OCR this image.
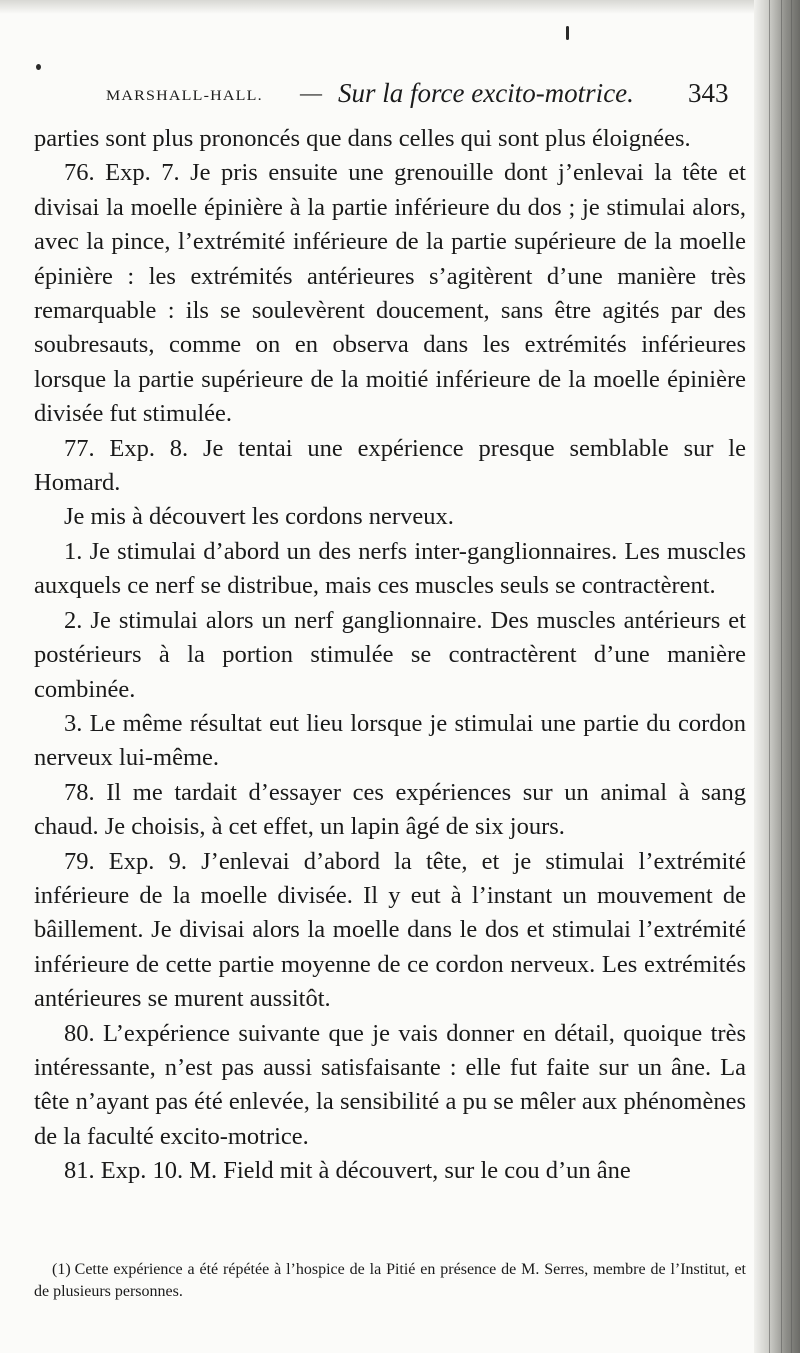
MARSHALL-HALL. — Sur la force excito-motrice. 343

parties sont plus prononcés que dans celles qui sont plus éloignées.

76. Exp. 7. Je pris ensuite une grenouille dont j’enlevai la tête et divisai la moelle épinière à la partie inférieure du dos ; je stimulai alors, avec la pince, l’extrémité inférieure de la partie supérieure de la moelle épinière : les extrémités antérieures s’agitèrent d’une manière très remarquable : ils se soulevèrent doucement, sans être agités par des soubresauts, comme on en observa dans les extrémités inférieures lorsque la partie supérieure de la moitié inférieure de la moelle épinière divisée fut stimulée.

77. Exp. 8. Je tentai une expérience presque semblable sur le Homard.

Je mis à découvert les cordons nerveux.

1. Je stimulai d’abord un des nerfs inter-ganglionnaires. Les muscles auxquels ce nerf se distribue, mais ces muscles seuls se contractèrent.

2. Je stimulai alors un nerf ganglionnaire. Des muscles antérieurs et postérieurs à la portion stimulée se contractèrent d’une manière combinée.

3. Le même résultat eut lieu lorsque je stimulai une partie du cordon nerveux lui-même.

78. Il me tardait d’essayer ces expériences sur un animal à sang chaud. Je choisis, à cet effet, un lapin âgé de six jours.

79. Exp. 9. J’enlevai d’abord la tête, et je stimulai l’extrémité inférieure de la moelle divisée. Il y eut à l’instant un mouvement de bâillement. Je divisai alors la moelle dans le dos et stimulai l’extrémité inférieure de cette partie moyenne de ce cordon nerveux. Les extrémités antérieures se murent aussitôt.

80. L’expérience suivante que je vais donner en détail, quoique très intéressante, n’est pas aussi satisfaisante : elle fut faite sur un âne. La tête n’ayant pas été enlevée, la sensibilité a pu se mêler aux phénomènes de la faculté excito-motrice.

81. Exp. 10. M. Field mit à découvert, sur le cou d’un âne

(1) Cette expérience a été répétée à l’hospice de la Pitié en présence de M. Serres, membre de l’Institut, et de plusieurs personnes.
